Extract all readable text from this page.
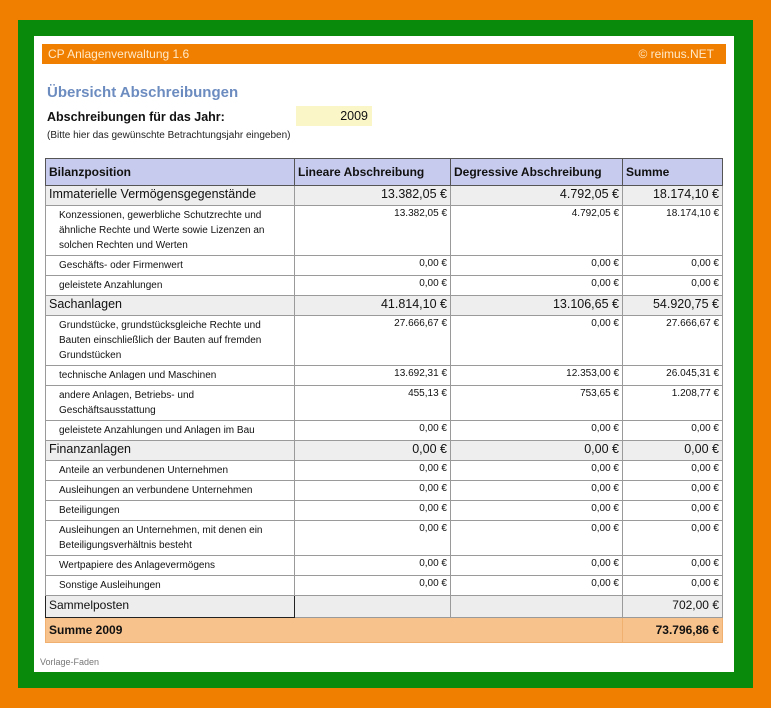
CP Anlagenverwaltung 1.6	© reimus.NET
Übersicht Abschreibungen
Abschreibungen für das Jahr:	2009
(Bitte hier das gewünschte Betrachtungsjahr eingeben)
Bilanzposition	Lineare Abschreibung	Degressive Abschreibung	Summe
Immaterielle Vermögensgegenstände	13.382,05 €	4.792,05 €	18.174,10 €
Konzessionen, gewerbliche Schutzrechte und ähnliche Rechte und Werte sowie Lizenzen an solchen Rechten und Werten	13.382,05 €	4.792,05 €	18.174,10 €
Geschäfts- oder Firmenwert	0,00 €	0,00 €	0,00 €
geleistete Anzahlungen	0,00 €	0,00 €	0,00 €
Sachanlagen	41.814,10 €	13.106,65 €	54.920,75 €
Grundstücke, grundstücksgleiche Rechte und Bauten einschließlich der Bauten auf fremden Grundstücken	27.666,67 €	0,00 €	27.666,67 €
technische Anlagen und Maschinen	13.692,31 €	12.353,00 €	26.045,31 €
andere Anlagen, Betriebs- und Geschäftsausstattung	455,13 €	753,65 €	1.208,77 €
geleistete Anzahlungen und Anlagen im Bau	0,00 €	0,00 €	0,00 €
Finanzanlagen	0,00 €	0,00 €	0,00 €
Anteile an verbundenen Unternehmen	0,00 €	0,00 €	0,00 €
Ausleihungen an verbundene Unternehmen	0,00 €	0,00 €	0,00 €
Beteiligungen	0,00 €	0,00 €	0,00 €
Ausleihungen an Unternehmen, mit denen ein Beteiligungsverhältnis besteht	0,00 €	0,00 €	0,00 €
Wertpapiere des Anlagevermögens	0,00 €	0,00 €	0,00 €
Sonstige Ausleihungen	0,00 €	0,00 €	0,00 €
Sammelposten			702,00 €
Summe 2009			73.796,86 €
Vorlage-Faden
